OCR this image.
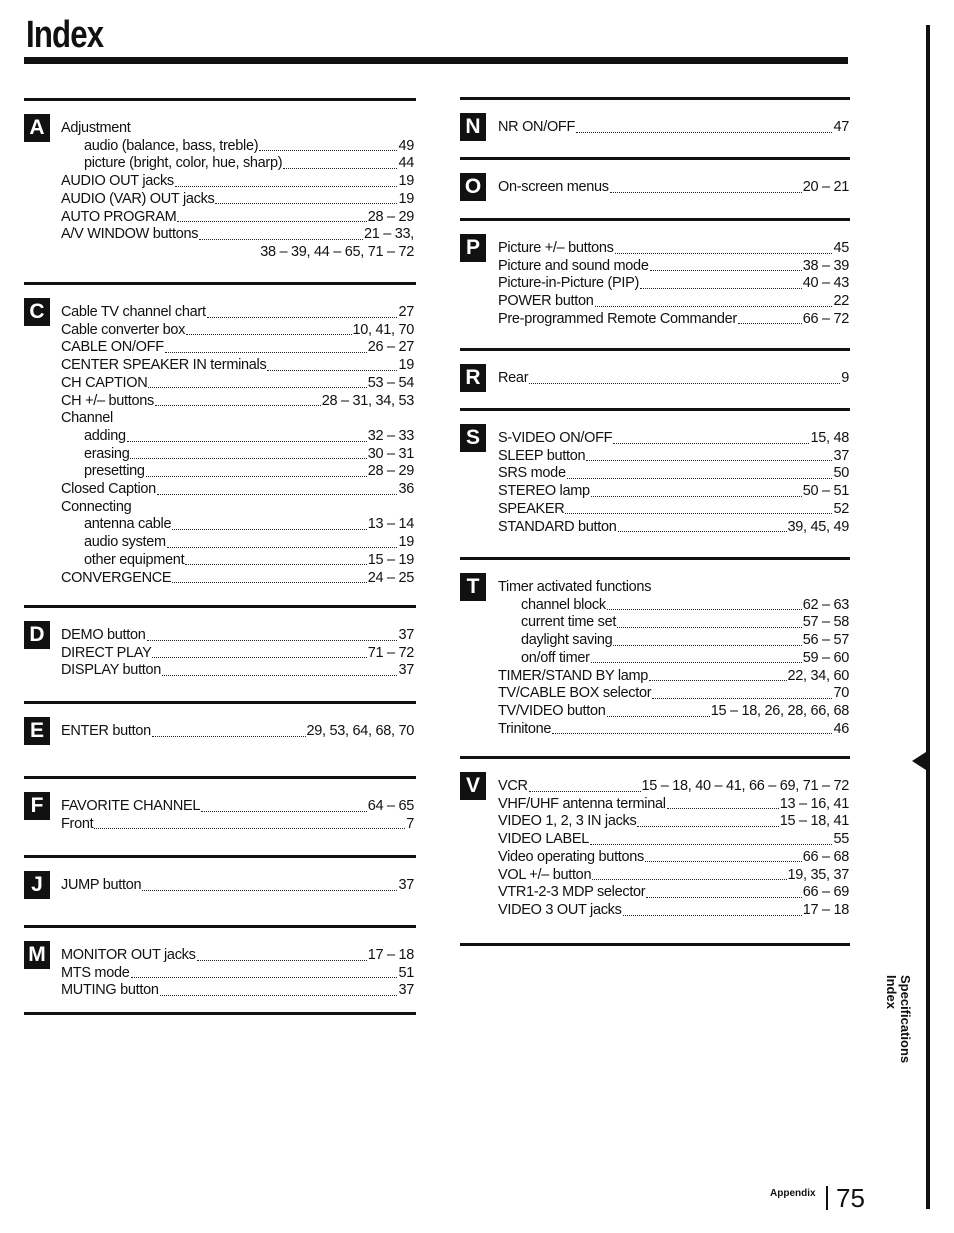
Index
A	Adjustment
audio (balance, bass, treble)	49
picture (bright, color, hue, sharp)	44
AUDIO OUT jacks	19
AUDIO (VAR) OUT jacks	19
AUTO PROGRAM	28 – 29
A/V WINDOW buttons	21 – 33,
38 – 39, 44 – 65, 71 – 72
C	Cable TV channel chart	27
Cable converter box	10, 41, 70
CABLE ON/OFF	26 – 27
CENTER SPEAKER IN terminals	19
CH CAPTION	53 – 54
CH +/– buttons	28 – 31, 34, 53
Channel
adding	32 – 33
erasing	30 – 31
presetting	28 – 29
Closed Caption	36
Connecting
antenna cable	13 – 14
audio system	19
other equipment	15 – 19
CONVERGENCE	24 – 25
D	DEMO button	37
DIRECT PLAY	71 – 72
DISPLAY button	37
E	ENTER button	29, 53, 64, 68, 70
F	FAVORITE CHANNEL	64 – 65
Front	7
J	JUMP button	37
M MONITOR OUT jacks	17 – 18
MTS mode	51
MUTING button	37
N	NR ON/OFF	47
O	On-screen menus	20 – 21
P	Picture +/– buttons	45
Picture and sound mode	38 – 39
Picture-in-Picture (PIP)	40 – 43
POWER button	22
Pre-programmed Remote Commander	66 – 72
R	Rear	9
S	S-VIDEO ON/OFF	15, 48
SLEEP button	37
SRS mode	50
STEREO lamp	50 – 51
SPEAKER	52
STANDARD button	39, 45, 49
T	Timer activated functions
channel block	62 – 63
current time set	57 – 58
daylight saving	56 – 57
on/off timer	59 – 60
TIMER/STAND BY lamp	22, 34, 60
TV/CABLE BOX selector	70
TV/VIDEO button	15 – 18, 26, 28, 66, 68
Trinitone	46
V	VCR	15 – 18, 40 – 41, 66 – 69, 71 – 72
VHF/UHF antenna terminal	13 – 16, 41
VIDEO 1, 2, 3 IN jacks	15 – 18, 41
VIDEO LABEL	55
Video operating buttons	66 – 68
VOL +/– button	19, 35, 37
VTR1-2-3 MDP selector	66 – 69
VIDEO 3 OUT jacks	17 – 18
Specifications
Index
Appendix 75
